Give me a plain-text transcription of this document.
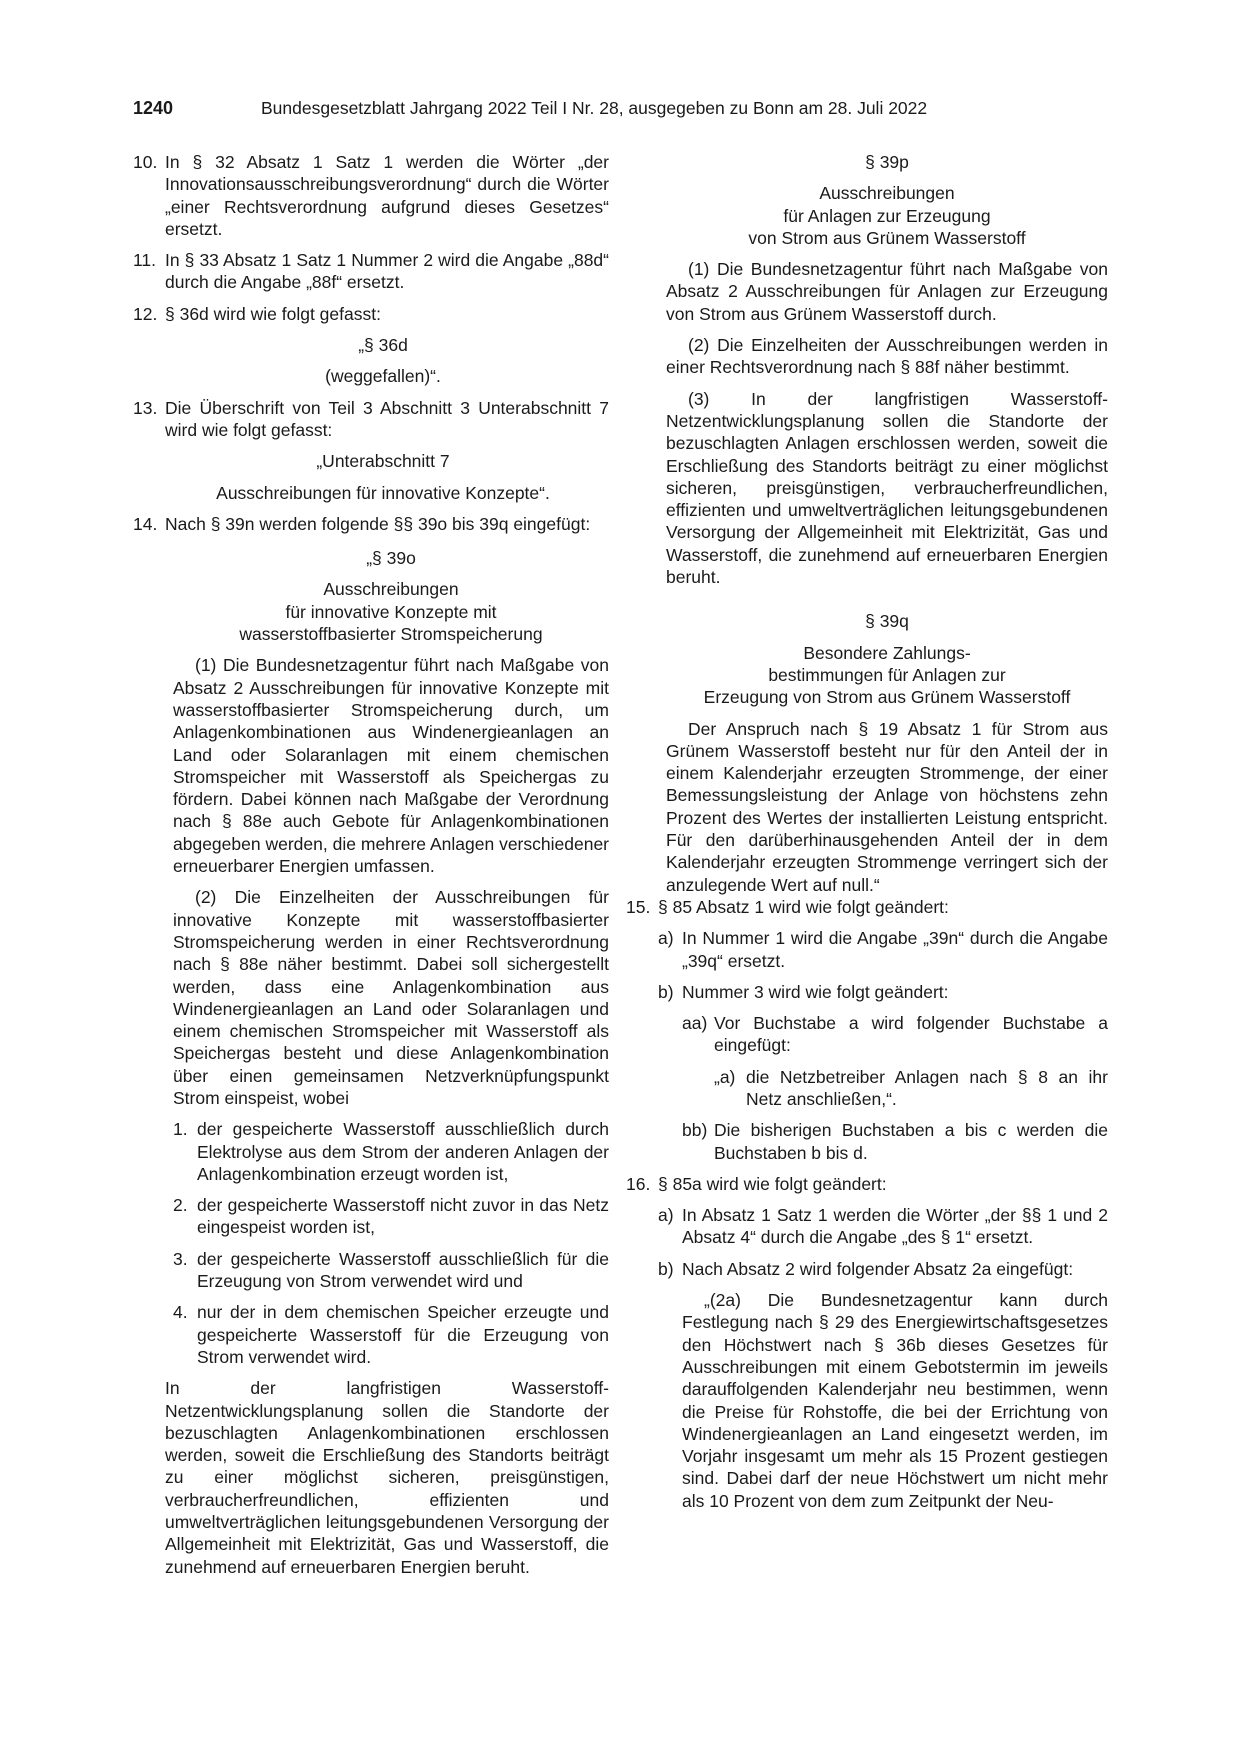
1240	Bundesgesetzblatt Jahrgang 2022 Teil I Nr. 28, ausgegeben zu Bonn am 28. Juli 2022
10. In § 32 Absatz 1 Satz 1 werden die Wörter „der Innovationsausschreibungsverordnung“ durch die Wörter „einer Rechtsverordnung aufgrund dieses Gesetzes“ ersetzt.
11. In § 33 Absatz 1 Satz 1 Nummer 2 wird die Angabe „88d“ durch die Angabe „88f“ ersetzt.
12. § 36d wird wie folgt gefasst:

„§ 36d

(weggefallen)“.

13. Die Überschrift von Teil 3 Abschnitt 3 Unterabschnitt 7 wird wie folgt gefasst:

„Unterabschnitt 7

Ausschreibungen für innovative Konzepte“.

14. Nach § 39n werden folgende §§ 39o bis 39q eingefügt:

„§ 39o

Ausschreibungen

für innovative Konzepte mit

wasserstoffbasierter Stromspeicherung

(1) Die Bundesnetzagentur führt nach Maßgabe von Absatz 2 Ausschreibungen für innovative Konzepte mit wasserstoffbasierter Stromspeicherung durch, um Anlagenkombinationen aus Windenergieanlagen an Land oder Solaranlagen mit einem chemischen Stromspeicher mit Wasserstoff als Speichergas zu fördern. Dabei können nach Maßgabe der Verordnung nach § 88e auch Gebote für Anlagenkombinationen abgegeben werden, die mehrere Anlagen verschiedener erneuerbarer Energien umfassen.

(2) Die Einzelheiten der Ausschreibungen für innovative Konzepte mit wasserstoffbasierter Stromspeicherung werden in einer Rechtsverordnung nach § 88e näher bestimmt. Dabei soll sichergestellt werden, dass eine Anlagenkombination aus Windenergieanlagen an Land oder Solaranlagen und einem chemischen Stromspeicher mit Wasserstoff als Speichergas besteht und diese Anlagenkombination über einen gemeinsamen Netzverknüpfungspunkt Strom einspeist, wobei

1. der gespeicherte Wasserstoff ausschließlich durch Elektrolyse aus dem Strom der anderen Anlagen der Anlagenkombination erzeugt worden ist,
2. der gespeicherte Wasserstoff nicht zuvor in das Netz eingespeist worden ist,
3. der gespeicherte Wasserstoff ausschließlich für die Erzeugung von Strom verwendet wird und
4. nur der in dem chemischen Speicher erzeugte und gespeicherte Wasserstoff für die Erzeugung von Strom verwendet wird.

In der langfristigen Wasserstoff-Netzentwicklungsplanung sollen die Standorte der bezuschlagten Anlagenkombinationen erschlossen werden, soweit die Erschließung des Standorts beiträgt zu einer möglichst sicheren, preisgünstigen, verbraucherfreundlichen, effizienten und umweltverträglichen leitungsgebundenen Versorgung der Allgemeinheit mit Elektrizität, Gas und Wasserstoff, die zunehmend auf erneuerbaren Energien beruht.

§ 39p

Ausschreibungen

für Anlagen zur Erzeugung

von Strom aus Grünem Wasserstoff

(1) Die Bundesnetzagentur führt nach Maßgabe von Absatz 2 Ausschreibungen für Anlagen zur Erzeugung von Strom aus Grünem Wasserstoff durch.

(2) Die Einzelheiten der Ausschreibungen werden in einer Rechtsverordnung nach § 88f näher bestimmt.

(3) In der langfristigen Wasserstoff-Netzentwicklungsplanung sollen die Standorte der bezuschlagten Anlagen erschlossen werden, soweit die Erschließung des Standorts beiträgt zu einer möglichst sicheren, preisgünstigen, verbraucherfreundlichen, effizienten und umweltverträglichen leitungsgebundenen Versorgung der Allgemeinheit mit Elektrizität, Gas und Wasserstoff, die zunehmend auf erneuerbaren Energien beruht.

§ 39q

Besondere Zahlungs-

bestimmungen für Anlagen zur

Erzeugung von Strom aus Grünem Wasserstoff

Der Anspruch nach § 19 Absatz 1 für Strom aus Grünem Wasserstoff besteht nur für den Anteil der in einem Kalenderjahr erzeugten Strommenge, der einer Bemessungsleistung der Anlage von höchstens zehn Prozent des Wertes der installierten Leistung entspricht. Für den darüberhinausgehenden Anteil der in dem Kalenderjahr erzeugten Strommenge verringert sich der anzulegende Wert auf null.“

15. § 85 Absatz 1 wird wie folgt geändert:
a) In Nummer 1 wird die Angabe „39n“ durch die Angabe „39q“ ersetzt.
b) Nummer 3 wird wie folgt geändert:
aa) Vor Buchstabe a wird folgender Buchstabe a eingefügt:
„a) die Netzbetreiber Anlagen nach § 8 an ihr Netz anschließen,“.
bb) Die bisherigen Buchstaben a bis c werden die Buchstaben b bis d.
16. § 85a wird wie folgt geändert:
a) In Absatz 1 Satz 1 werden die Wörter „der §§ 1 und 2 Absatz 4“ durch die Angabe „des § 1“ ersetzt.
b) Nach Absatz 2 wird folgender Absatz 2a eingefügt:

„(2a) Die Bundesnetzagentur kann durch Festlegung nach § 29 des Energiewirtschaftsgesetzes den Höchstwert nach § 36b dieses Gesetzes für Ausschreibungen mit einem Gebotstermin im jeweils darauffolgenden Kalenderjahr neu bestimmen, wenn die Preise für Rohstoffe, die bei der Errichtung von Windenergieanlagen an Land eingesetzt werden, im Vorjahr insgesamt um mehr als 15 Prozent gestiegen sind. Dabei darf der neue Höchstwert um nicht mehr als 10 Prozent von dem zum Zeitpunkt der Neu-
